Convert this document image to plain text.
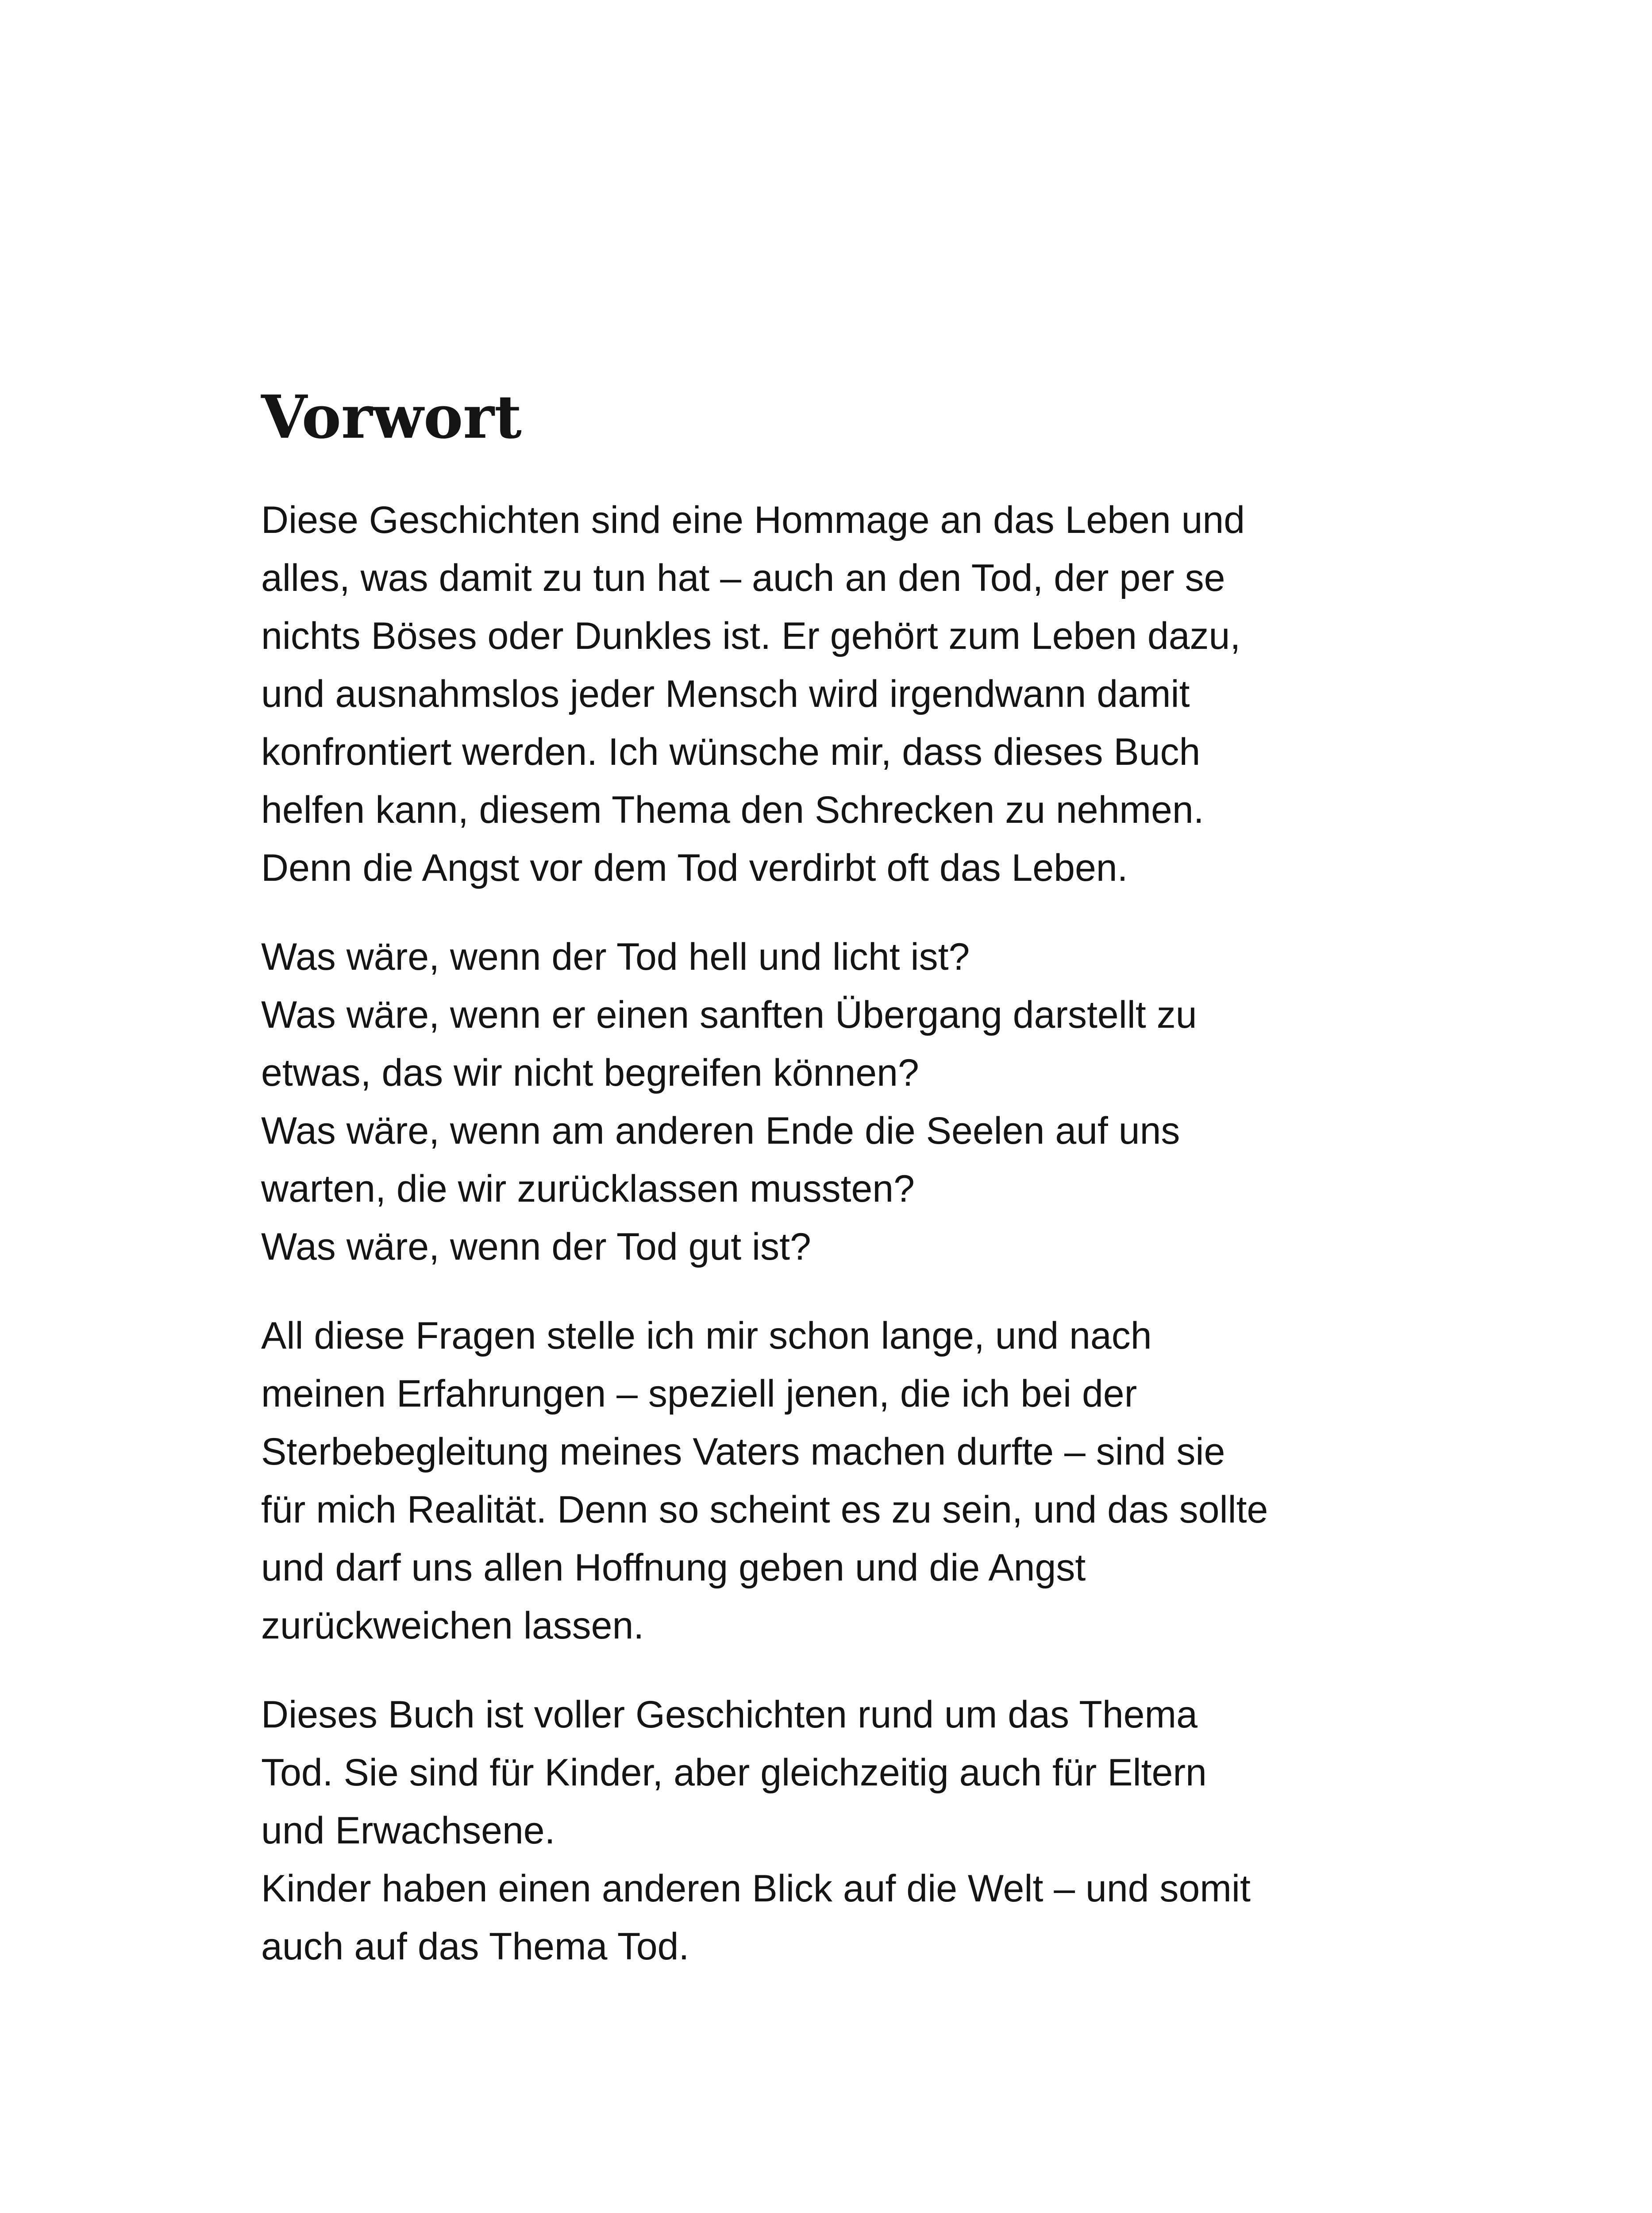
Vorwort

Diese Geschichten sind eine Hommage an das Leben und
alles, was damit zu tun hat – auch an den Tod, der per se
nichts Böses oder Dunkles ist. Er gehört zum Leben dazu,
und ausnahmslos jeder Mensch wird irgendwann damit
konfrontiert werden. Ich wünsche mir, dass dieses Buch
helfen kann, diesem Thema den Schrecken zu nehmen.
Denn die Angst vor dem Tod verdirbt oft das Leben.

Was wäre, wenn der Tod hell und licht ist?
Was wäre, wenn er einen sanften Übergang darstellt zu
etwas, das wir nicht begreifen können?
Was wäre, wenn am anderen Ende die Seelen auf uns
warten, die wir zurücklassen mussten?
Was wäre, wenn der Tod gut ist?

All diese Fragen stelle ich mir schon lange, und nach
meinen Erfahrungen – speziell jenen, die ich bei der
Sterbebegleitung meines Vaters machen durfte – sind sie
für mich Realität. Denn so scheint es zu sein, und das sollte
und darf uns allen Hoffnung geben und die Angst
zurückweichen lassen.

Dieses Buch ist voller Geschichten rund um das Thema
Tod. Sie sind für Kinder, aber gleichzeitig auch für Eltern
und Erwachsene.
Kinder haben einen anderen Blick auf die Welt – und somit
auch auf das Thema Tod.
